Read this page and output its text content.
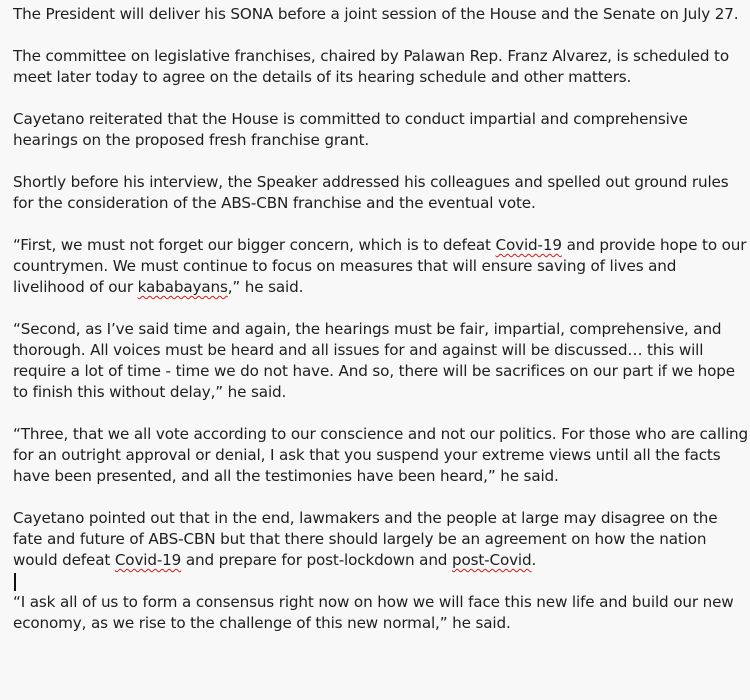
The President will deliver his SONA before a joint session of the House and the Senate on July 27.

The committee on legislative franchises, chaired by Palawan Rep. Franz Alvarez, is scheduled to meet later today to agree on the details of its hearing schedule and other matters.

Cayetano reiterated that the House is committed to conduct impartial and comprehensive hearings on the proposed fresh franchise grant.

Shortly before his interview, the Speaker addressed his colleagues and spelled out ground rules for the consideration of the ABS-CBN franchise and the eventual vote.

“First, we must not forget our bigger concern, which is to defeat Covid-19 and provide hope to our countrymen. We must continue to focus on measures that will ensure saving of lives and livelihood of our kababayans,” he said.

“Second, as I’ve said time and again, the hearings must be fair, impartial, comprehensive, and thorough. All voices must be heard and all issues for and against will be discussed… this will require a lot of time - time we do not have. And so, there will be sacrifices on our part if we hope to finish this without delay,” he said.

“Three, that we all vote according to our conscience and not our politics. For those who are calling for an outright approval or denial, I ask that you suspend your extreme views until all the facts have been presented, and all the testimonies have been heard,” he said.

Cayetano pointed out that in the end, lawmakers and the people at large may disagree on the fate and future of ABS-CBN but that there should largely be an agreement on how the nation would defeat Covid-19 and prepare for post-lockdown and post-Covid.

“I ask all of us to form a consensus right now on how we will face this new life and build our new economy, as we rise to the challenge of this new normal,” he said.
